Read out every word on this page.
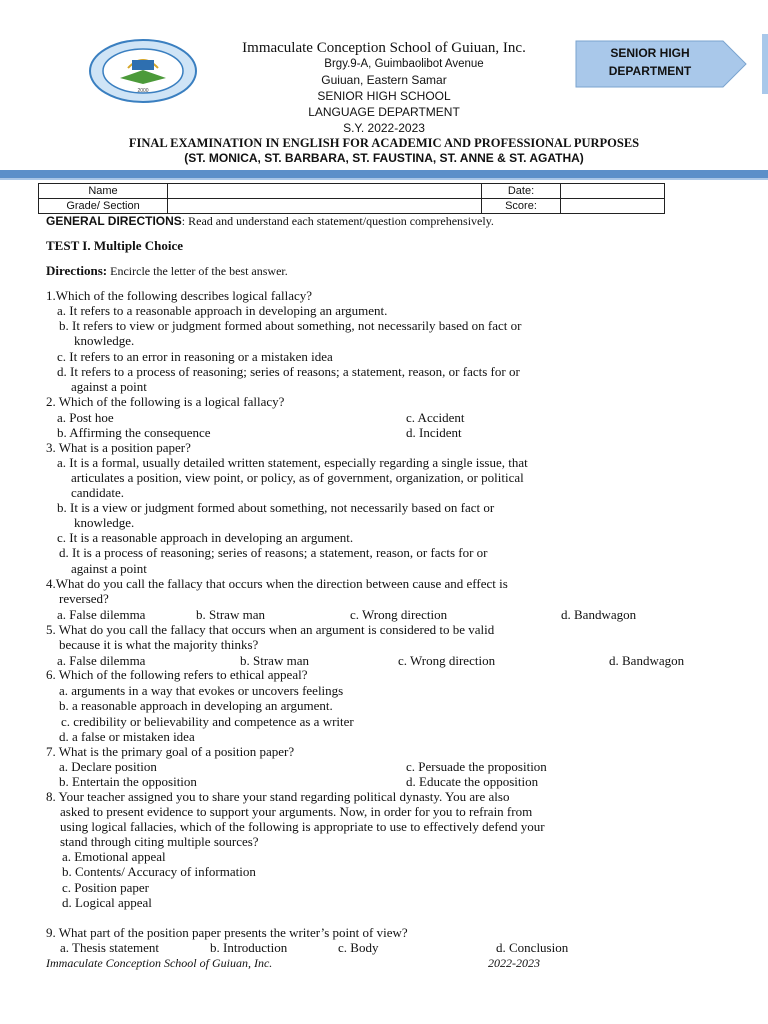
2000
Immaculate Conception School of Guiuan, Inc.
Brgy.9-A, Guimbaolibot Avenue
Guiuan, Eastern Samar
SENIOR HIGH SCHOOL
LANGUAGE DEPARTMENT
S.Y. 2022-2023
FINAL EXAMINATION IN ENGLISH FOR ACADEMIC AND PROFESSIONAL PURPOSES
(ST. MONICA, ST. BARBARA, ST. FAUSTINA, ST. ANNE & ST. AGATHA)
SENIOR HIGH
DEPARTMENT
Name		Date:	
Grade/ Section		Score:	
GENERAL DIRECTIONS: Read and understand each statement/question comprehensively.
TEST I. Multiple Choice
Directions: Encircle the letter of the best answer.
1.Which of the following describes logical fallacy?
a. It refers to a reasonable approach in developing an argument.
b. It refers to view or judgment formed about something, not necessarily based on fact or
knowledge.
c. It refers to an error in reasoning or a mistaken idea
d. It refers to a process of reasoning; series of reasons; a statement, reason, or facts for or
against a point
2. Which of the following is a logical fallacy?
a. Post hoe	c. Accident
b. Affirming the consequence	d. Incident
3. What is a position paper?
a. It is a formal, usually detailed written statement, especially regarding a single issue, that
articulates a position, view point, or policy, as of government, organization, or political
candidate.
b. It is a view or judgment formed about something, not necessarily based on fact or
knowledge.
c. It is a reasonable approach in developing an argument.
d. It is a process of reasoning; series of reasons; a statement, reason, or facts for or
against a point
4.What do you call the fallacy that occurs when the direction between cause and effect is
reversed?
a. False dilemma	b. Straw man	c. Wrong direction	d. Bandwagon
5. What do you call the fallacy that occurs when an argument is considered to be valid
because it is what the majority thinks?
a. False dilemma	b. Straw man	c. Wrong direction	d. Bandwagon
6. Which of the following refers to ethical appeal?
a. arguments in a way that evokes or uncovers feelings
b. a reasonable approach in developing an argument.
c. credibility or believability and competence as a writer
d. a false or mistaken idea
7. What is the primary goal of a position paper?
a. Declare position	c. Persuade the proposition
b. Entertain the opposition	d. Educate the opposition
8. Your teacher assigned you to share your stand regarding political dynasty. You are also
asked to present evidence to support your arguments. Now, in order for you to refrain from
using logical fallacies, which of the following is appropriate to use to effectively defend your
stand through citing multiple sources?
a. Emotional appeal
b. Contents/ Accuracy of information
c. Position paper
d. Logical appeal
9. What part of the position paper presents the writer’s point of view?
a. Thesis statement	b. Introduction	c. Body	d. Conclusion
Immaculate Conception School of Guiuan, Inc.	2022-2023
